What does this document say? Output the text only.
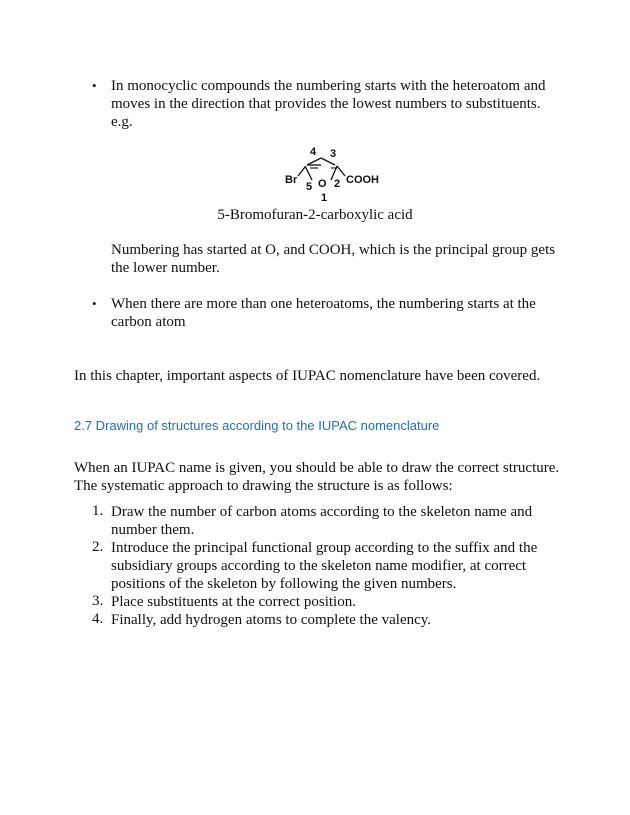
• In monocyclic compounds the numbering starts with the heteroatom and

moves in the direction that provides the lowest numbers to substituents.

e.g.

4 3
Br
5 O 2 COOH
1
5-Bromofuran-2-carboxylic acid

Numbering has started at O, and COOH, which is the principal group gets

the lower number.

• When there are more than one heteroatoms, the numbering starts at the

carbon atom

In this chapter, important aspects of IUPAC nomenclature have been covered.

2.7 Drawing of structures according to the IUPAC nomenclature

When an IUPAC name is given, you should be able to draw the correct structure.

The systematic approach to drawing the structure is as follows:

1. Draw the number of carbon atoms according to the skeleton name and

number them.

2. Introduce the principal functional group according to the suffix and the

subsidiary groups according to the skeleton name modifier, at correct

positions of the skeleton by following the given numbers.

3. Place substituents at the correct position.

4. Finally, add hydrogen atoms to complete the valency.
